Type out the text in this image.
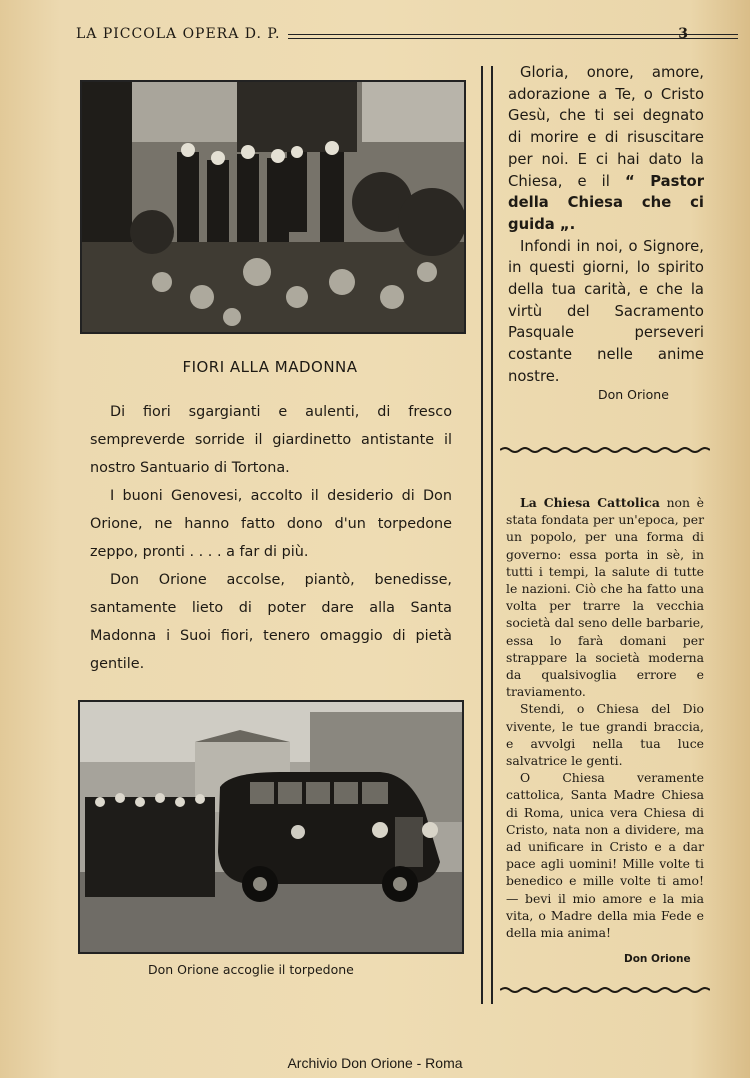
LA PICCOLA OPERA D. P.	3
FIORI ALLA MADONNA

Di fiori sgargianti e aulenti, di fresco sempreverde sorride il giardinetto antistante il nostro Santuario di Tortona.

I buoni Genovesi, accolto il desiderio di Don Orione, ne hanno fatto dono d'un torpedone zeppo, pronti . . . . a far di più.

Don Orione accolse, piantò, benedisse, santamente lieto di poter dare alla Santa Madonna i Suoi fiori, tenero omaggio di pietà gentile.

Don Orione accoglie il torpedone

Gloria, onore, amore, adorazione a Te, o Cristo Gesù, che ti sei degnato di morire e di risuscitare per noi. E ci hai dato la Chiesa, e il “ Pastor della Chiesa che ci guida „.

Infondi in noi, o Signore, in questi giorni, lo spirito della tua carità, e che la virtù del Sacramento Pasquale perseveri costante nelle anime nostre.

Don Orione

La Chiesa Cattolica non è stata fondata per un'epoca, per un popolo, per una forma di governo: essa porta in sè, in tutti i tempi, la salute di tutte le nazioni. Ciò che ha fatto una volta per trarre la vecchia società dal seno delle barbarie, essa lo farà domani per strappare la società moderna da qualsivoglia errore e traviamento.

Stendi, o Chiesa del Dio vivente, le tue grandi braccia, e avvolgi nella tua luce salvatrice le genti.

O Chiesa veramente cattolica, Santa Madre Chiesa di Roma, unica vera Chiesa di Cristo, nata non a dividere, ma ad unificare in Cristo e a dar pace agli uomini! Mille volte ti benedico e mille volte ti amo! — bevi il mio amore e la mia vita, o Madre della mia Fede e della mia anima!

Don Orione
Archivio Don Orione - Roma
